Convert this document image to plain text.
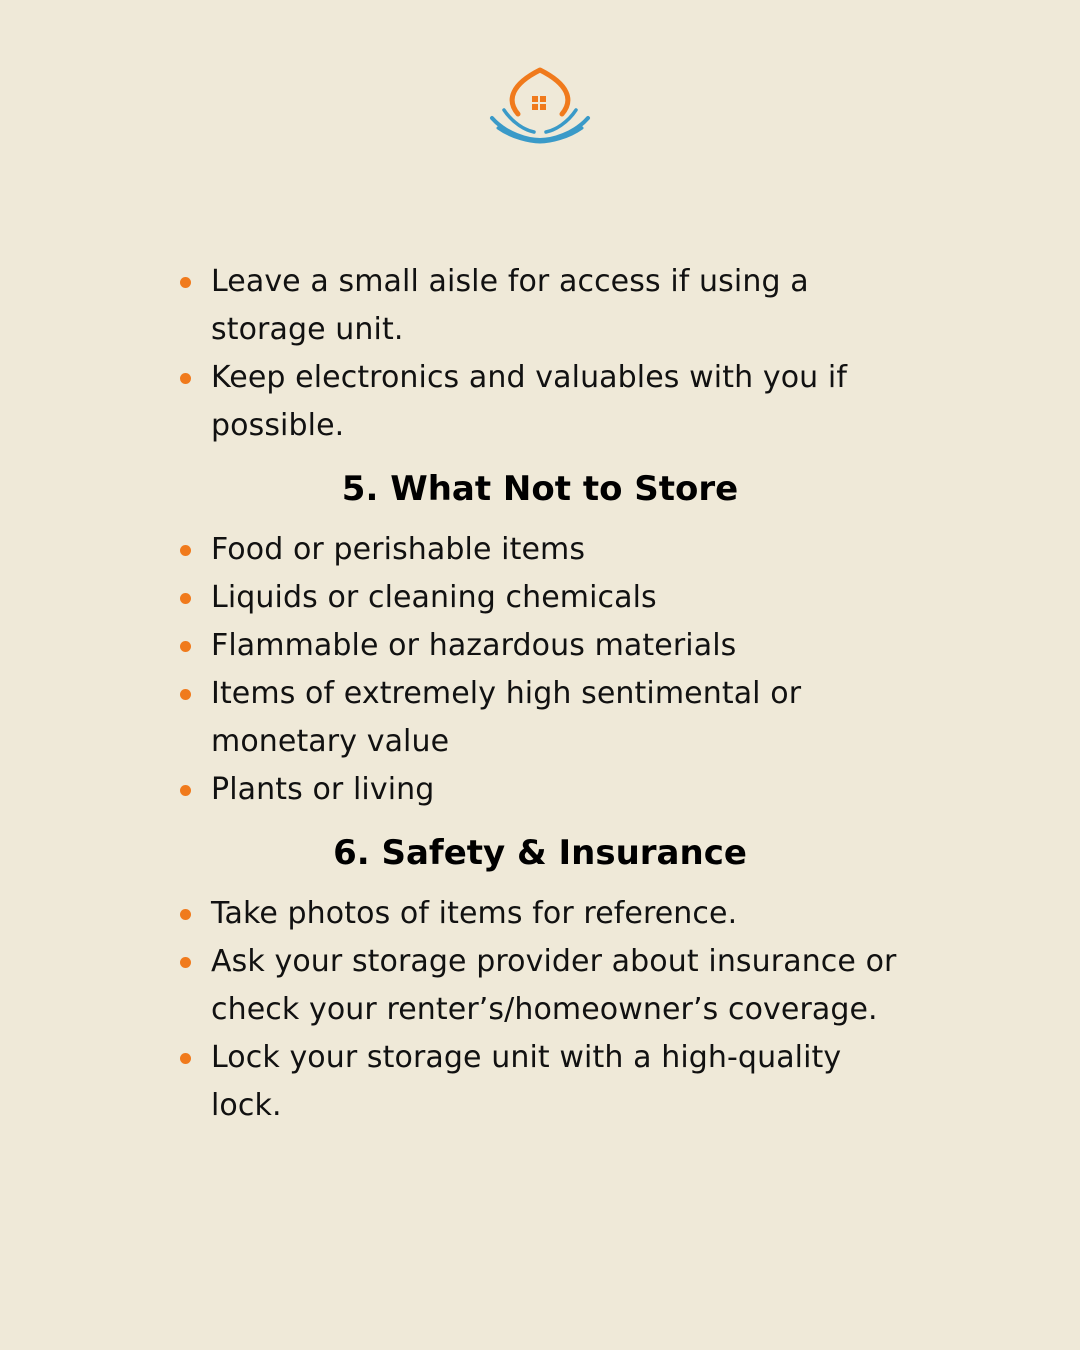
Leave a small aisle for access if using a storage unit.
Keep electronics and valuables with you if possible.
5. What Not to Store
Food or perishable items
Liquids or cleaning chemicals
Flammable or hazardous materials
Items of extremely high sentimental or monetary value
Plants or living
6. Safety & Insurance
Take photos of items for reference.
Ask your storage provider about insurance or check your renter’s/homeowner’s coverage.
Lock your storage unit with a high-quality lock.
